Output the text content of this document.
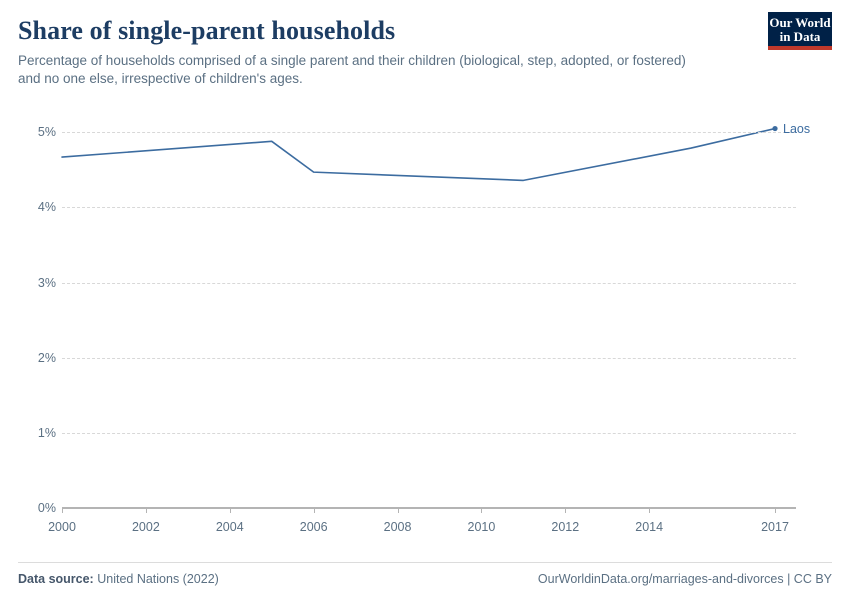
Share of single-parent households

Percentage of households comprised of a single parent and their children (biological, step, adopted, or fostered) and no one else, irrespective of children's ages.

Our World
in Data
Laos
0%
1%
2%
3%
4%
5%
2000	2002	2004	2006	2008	2010	2012	2014	2017
Data source: United Nations (2022)	OurWorldinData.org/marriages-and-divorces | CC BY
